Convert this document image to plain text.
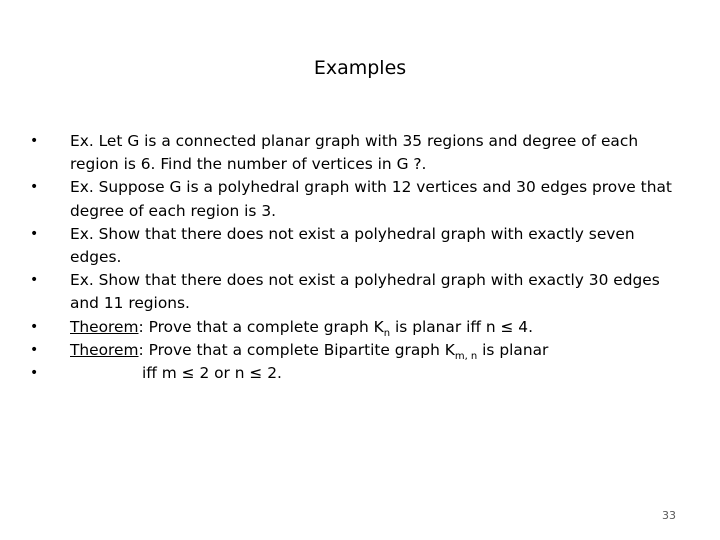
Examples
• Ex. Let G is a connected planar graph with 35 regions and degree of each region is 6. Find the number of vertices in G ?.
• Ex. Suppose G is a polyhedral graph with 12 vertices and 30 edges prove that degree of each region is 3.
• Ex. Show that there does not exist a polyhedral graph with exactly seven edges.
• Ex. Show that there does not exist a polyhedral graph with exactly 30 edges and 11 regions.
• Theorem: Prove that a complete graph $K_n$ is planar iff n ≤ 4.
• Theorem: Prove that a complete Bipartite graph $K_{m, n}$ is planar
•	iff m ≤ 2 or n ≤ 2.
33
